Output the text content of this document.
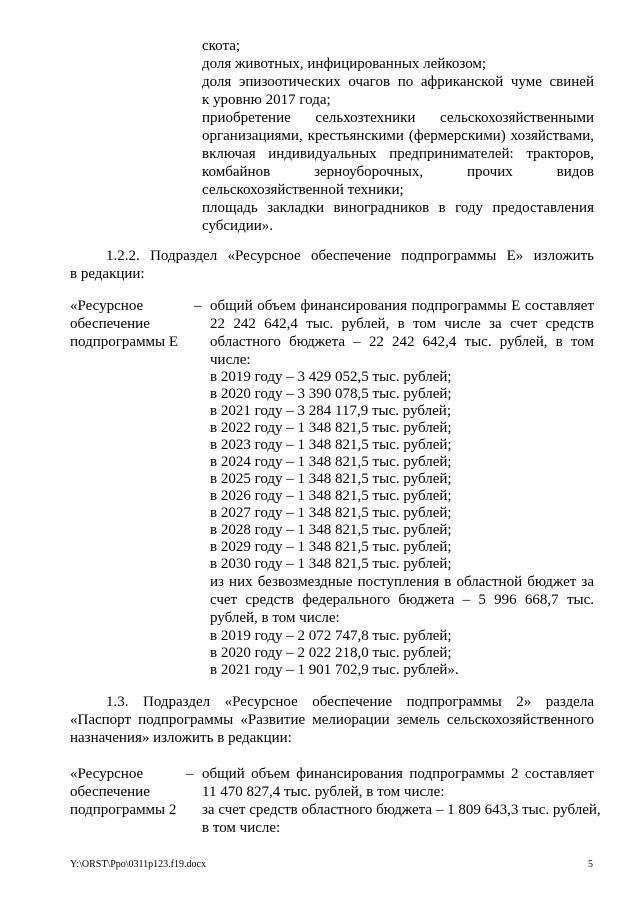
скота;
доля животных, инфицированных лейкозом;
доля эпизоотических очагов по африканской чуме свиней
к уровню 2017 года;
приобретение сельхозтехники сельскохозяйственными
организациями, крестьянскими (фермерскими) хозяйствами,
включая индивидуальных предпринимателей: тракторов,
комбайнов зерноуборочных, прочих видов
сельскохозяйственной техники;
площадь закладки виноградников в году предоставления
субсидии».
1.2.2. Подраздел «Ресурсное обеспечение подпрограммы Е» изложить
в редакции:
«Ресурсное
обеспечение
подпрограммы Е
– общий объем финансирования подпрограммы Е составляет
22 242 642,4 тыс. рублей, в том числе за счет средств
областного бюджета – 22 242 642,4 тыс. рублей, в том
числе:
в 2019 году – 3 429 052,5 тыс. рублей;
в 2020 году – 3 390 078,5 тыс. рублей;
в 2021 году – 3 284 117,9 тыс. рублей;
в 2022 году – 1 348 821,5 тыс. рублей;
в 2023 году – 1 348 821,5 тыс. рублей;
в 2024 году – 1 348 821,5 тыс. рублей;
в 2025 году – 1 348 821,5 тыс. рублей;
в 2026 году – 1 348 821,5 тыс. рублей;
в 2027 году – 1 348 821,5 тыс. рублей;
в 2028 году – 1 348 821,5 тыс. рублей;
в 2029 году – 1 348 821,5 тыс. рублей;
в 2030 году – 1 348 821,5 тыс. рублей;
из них безвозмездные поступления в областной бюджет за
счет средств федерального бюджета – 5 996 668,7 тыс.
рублей, в том числе:
в 2019 году – 2 072 747,8 тыс. рублей;
в 2020 году – 2 022 218,0 тыс. рублей;
в 2021 году – 1 901 702,9 тыс. рублей».
1.3. Подраздел «Ресурсное обеспечение подпрограммы 2» раздела
«Паспорт подпрограммы «Развитие мелиорации земель сельскохозяйственного
назначения» изложить в редакции:
«Ресурсное
обеспечение
подпрограммы 2
– общий объем финансирования подпрограммы 2 составляет
11 470 827,4 тыс. рублей, в том числе:
за счет средств областного бюджета – 1 809 643,3 тыс. рублей,
в том числе:
Y:\ORST\Ppo\0311p123.f19.docx	5
